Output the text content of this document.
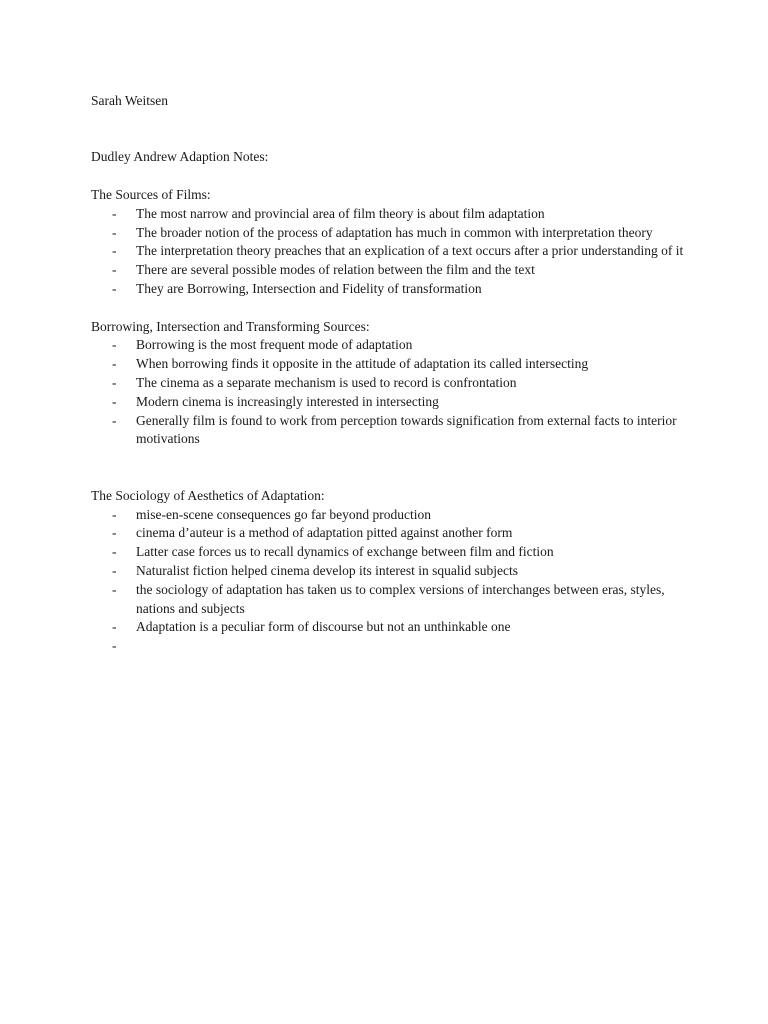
Sarah Weitsen
Dudley Andrew Adaption Notes:
The Sources of Films:
- The most narrow and provincial area of film theory is about film adaptation
- The broader notion of the process of adaptation has much in common with interpretation theory
- The interpretation theory preaches that an explication of a text occurs after a prior understanding of it
- There are several possible modes of relation between the film and the text
- They are Borrowing, Intersection and Fidelity of transformation
Borrowing, Intersection and Transforming Sources:
- Borrowing is the most frequent mode of adaptation
- When borrowing finds it opposite in the attitude of adaptation its called intersecting
- The cinema as a separate mechanism is used to record is confrontation
- Modern cinema is increasingly interested in intersecting
- Generally film is found to work from perception towards signification from external facts to interior motivations
The Sociology of Aesthetics of Adaptation:
- mise-en-scene consequences go far beyond production
- cinema d’auteur is a method of adaptation pitted against another form
- Latter case forces us to recall dynamics of exchange between film and fiction
- Naturalist fiction helped cinema develop its interest in squalid subjects
- the sociology of adaptation has taken us to complex versions of interchanges between eras, styles, nations and subjects
- Adaptation is a peculiar form of discourse but not an unthinkable one
-
